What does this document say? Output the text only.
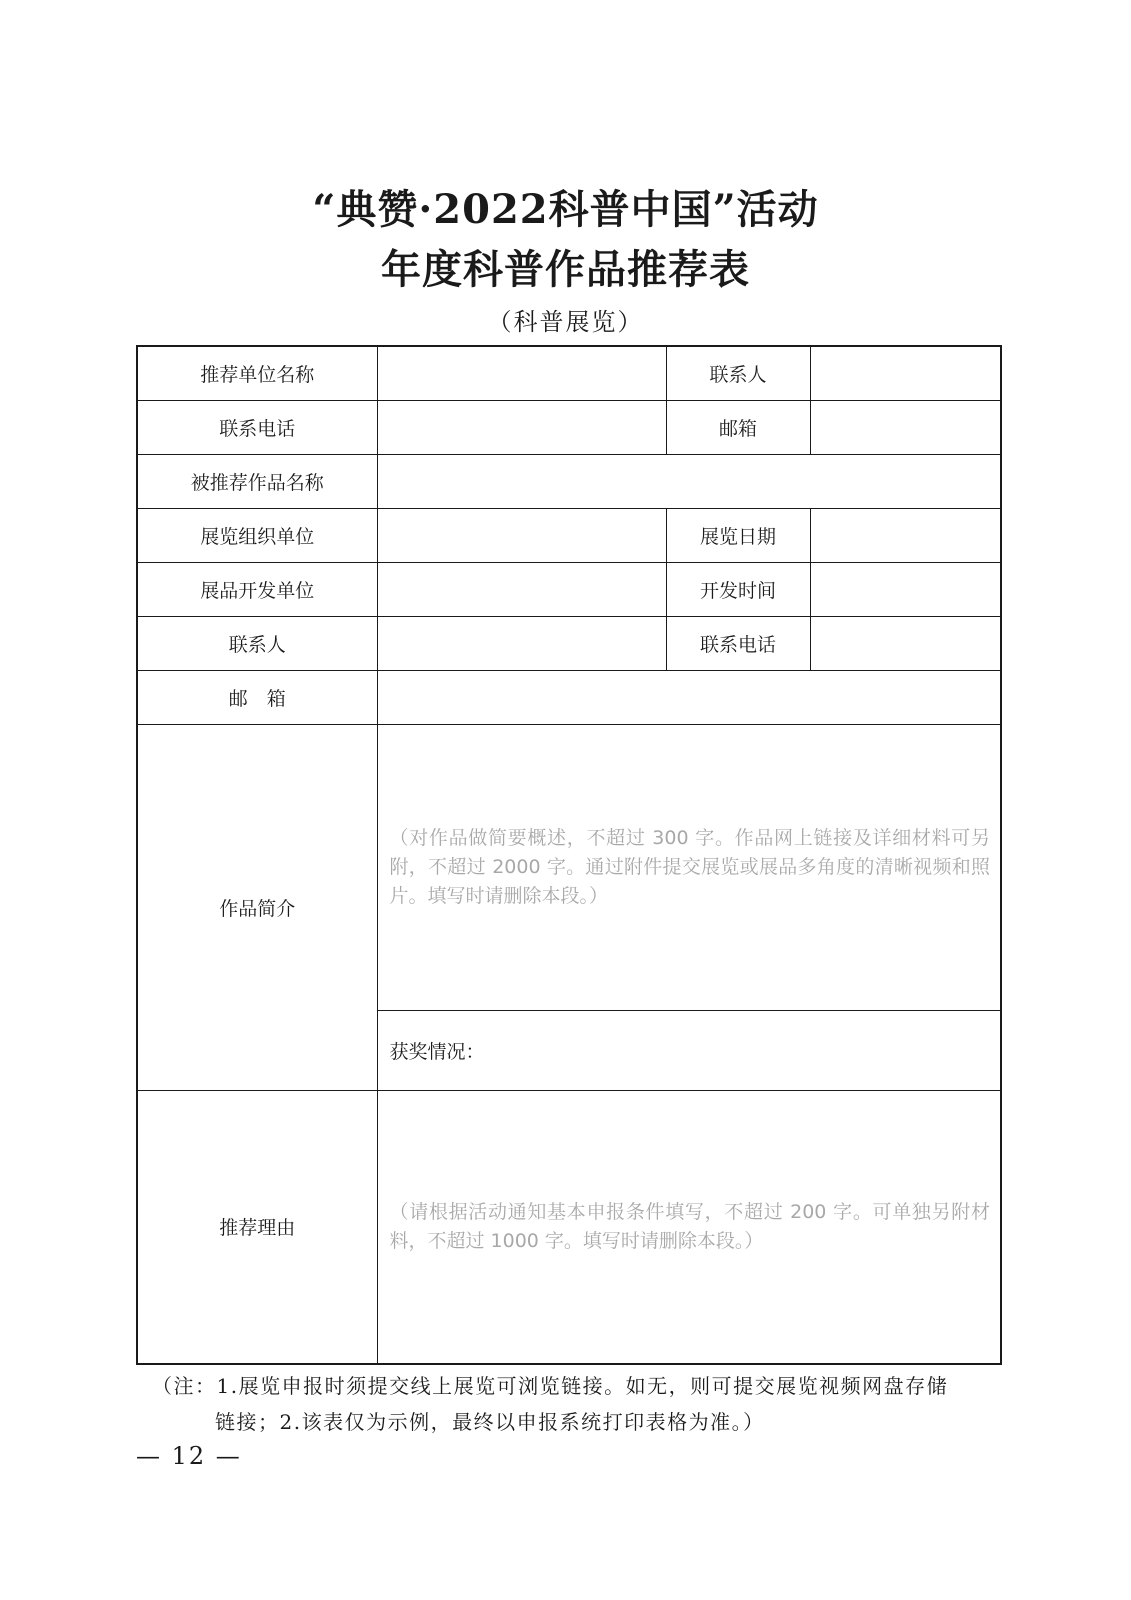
“典赞·2022科普中国”活动
年度科普作品推荐表
（科普展览）
推荐单位名称		联系人	
联系电话		邮箱	
被推荐作品名称			
展览组织单位		展览日期	
展品开发单位		开发时间	
联系人		联系电话	
邮　箱			
作品简介	（对作品做简要概述，不超过 300 字。作品网上链接及详细材料可另附，不超过 2000 字。通过附件提交展览或展品多角度的清晰视频和照片。填写时请删除本段。）		
	获奖情况：		
推荐理由	（请根据活动通知基本申报条件填写，不超过 200 字。可单独另附材料，不超过 1000 字。填写时请删除本段。）		
（注：1.展览申报时须提交线上展览可浏览链接。如无，则可提交展览视频网盘存储
链接；2.该表仅为示例，最终以申报系统打印表格为准。）
— 12 —
